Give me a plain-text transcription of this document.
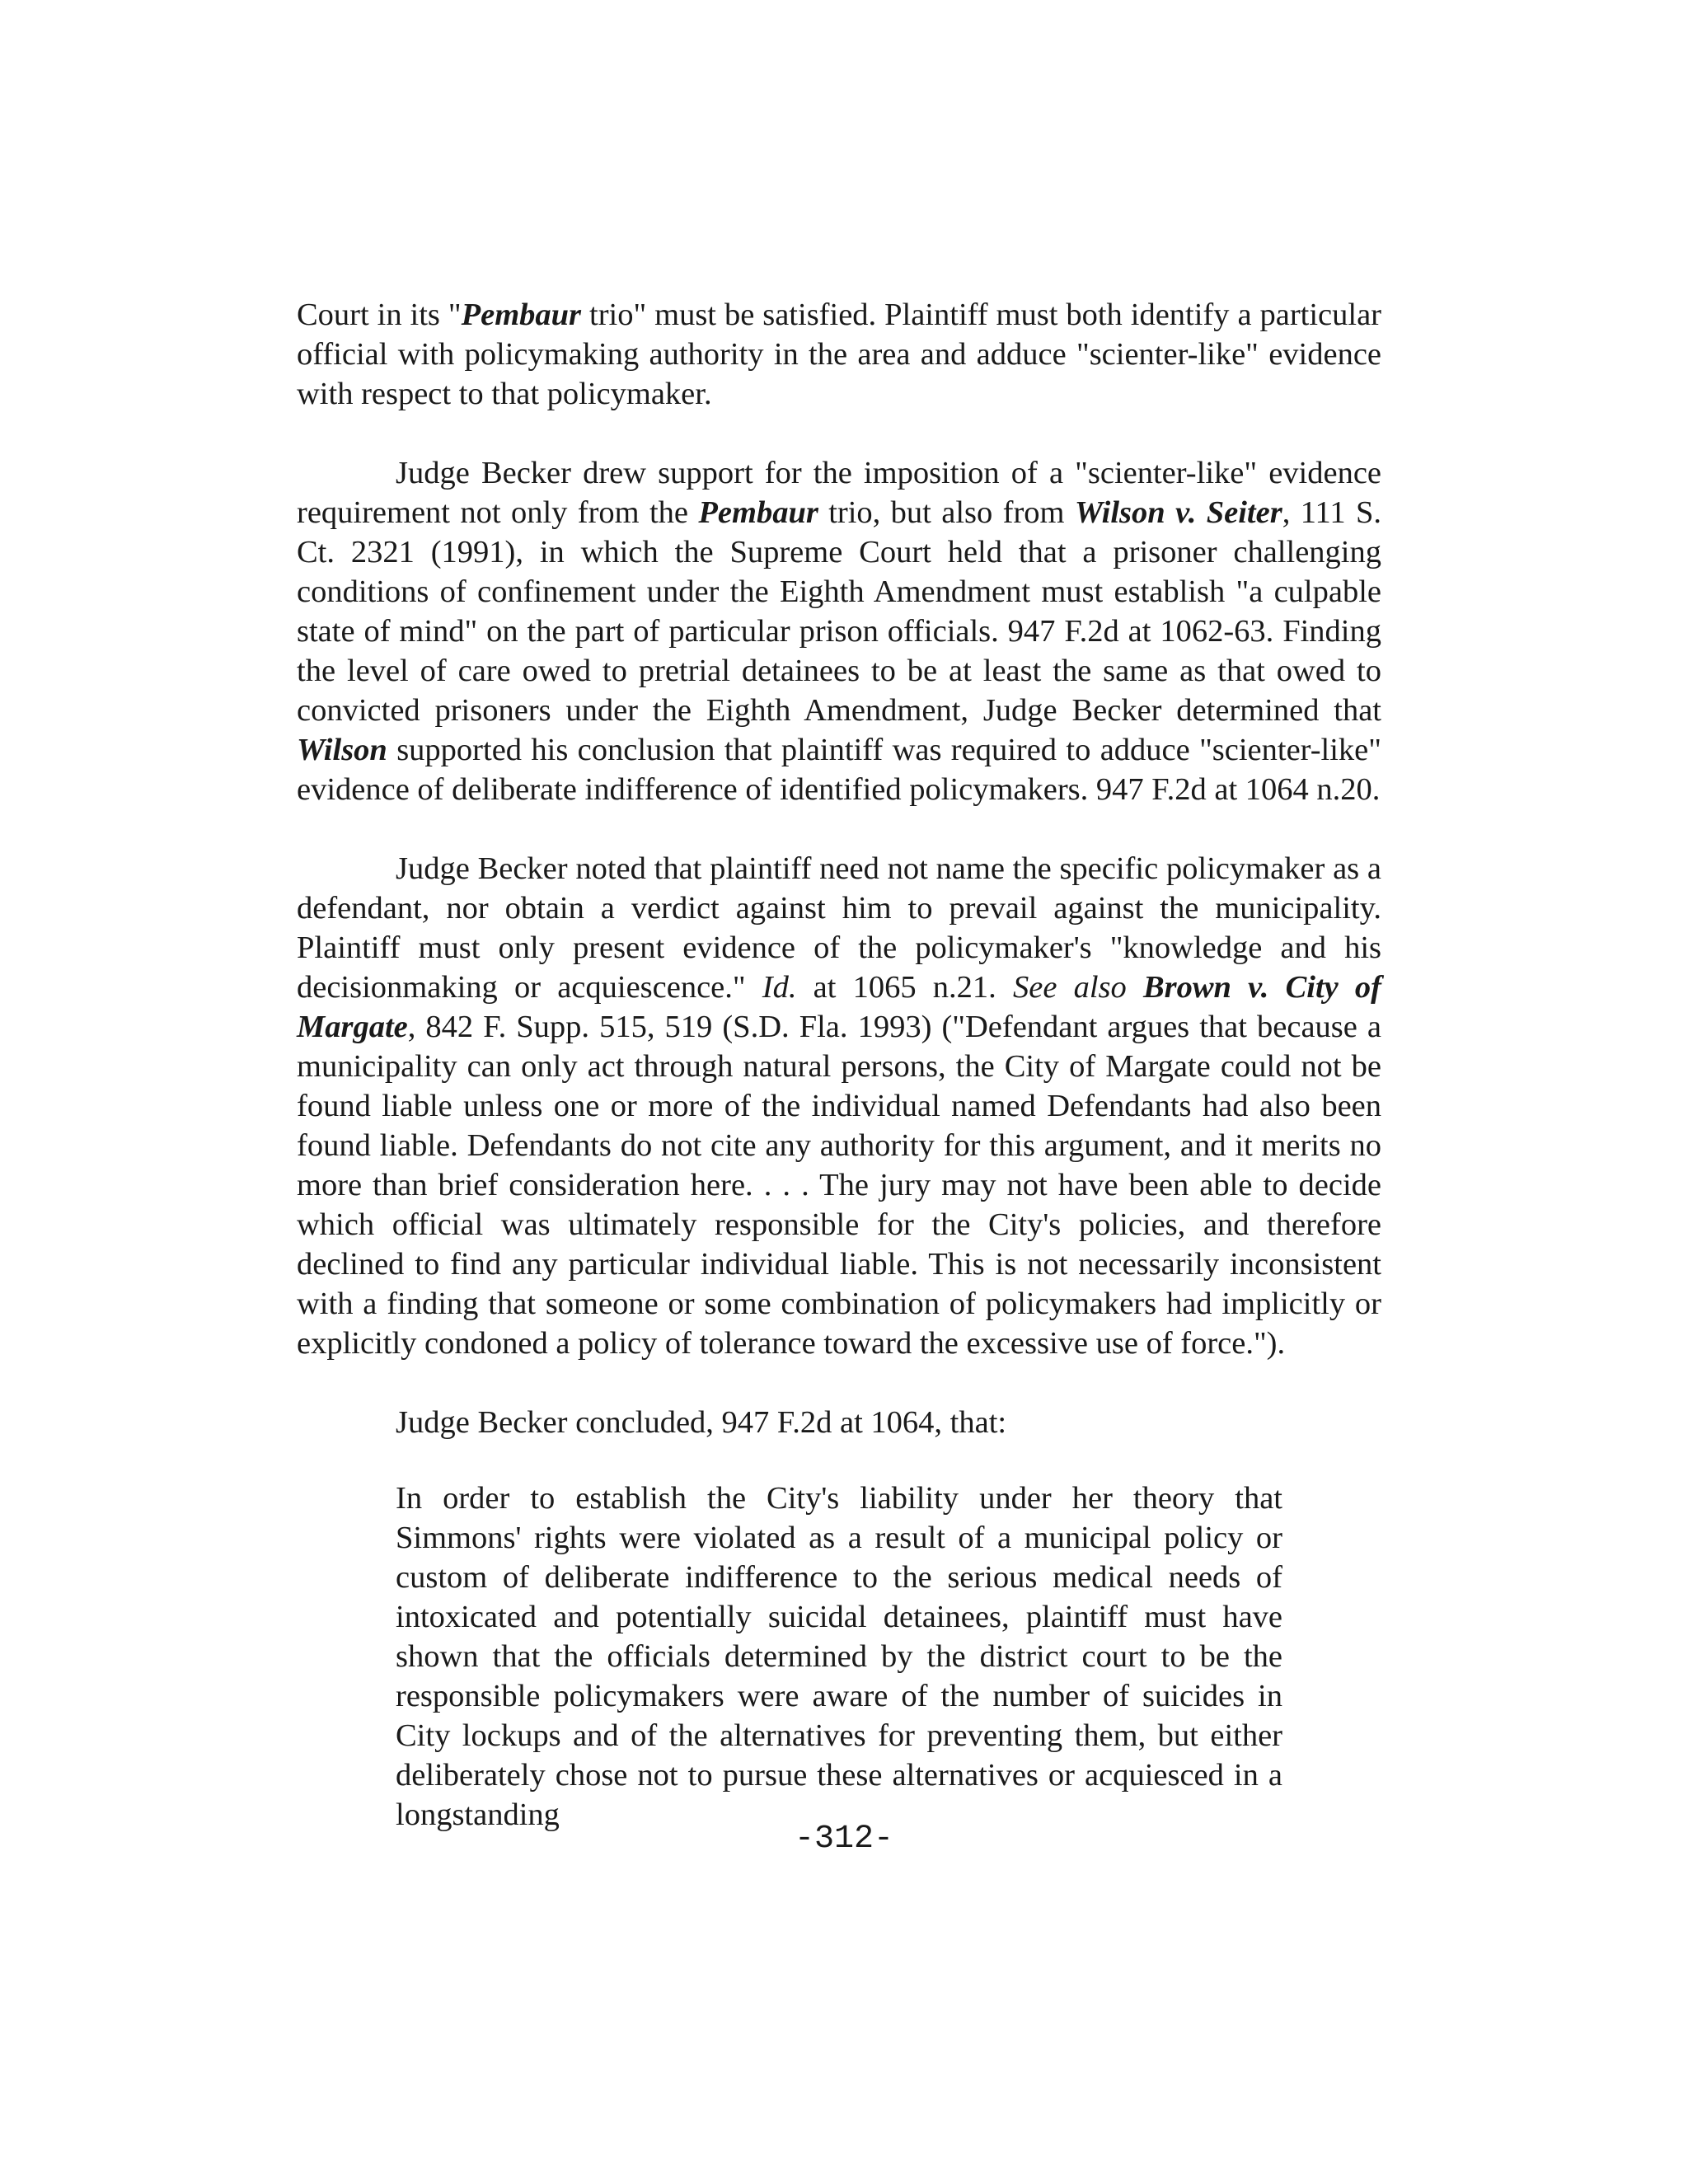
Court in its "Pembaur trio" must be satisfied. Plaintiff must both identify a particular official with policymaking authority in the area and adduce "scienter-like" evidence with respect to that policymaker.

Judge Becker drew support for the imposition of a "scienter-like" evidence requirement not only from the Pembaur trio, but also from Wilson v. Seiter, 111 S. Ct. 2321 (1991), in which the Supreme Court held that a prisoner challenging conditions of confinement under the Eighth Amendment must establish "a culpable state of mind" on the part of particular prison officials. 947 F.2d at 1062-63. Finding the level of care owed to pretrial detainees to be at least the same as that owed to convicted prisoners under the Eighth Amendment, Judge Becker determined that Wilson supported his conclusion that plaintiff was required to adduce "scienter-like" evidence of deliberate indifference of identified policymakers. 947 F.2d at 1064 n.20.

Judge Becker noted that plaintiff need not name the specific policymaker as a defendant, nor obtain a verdict against him to prevail against the municipality. Plaintiff must only present evidence of the policymaker's "knowledge and his decisionmaking or acquiescence." Id. at 1065 n.21. See also Brown v. City of Margate, 842 F. Supp. 515, 519 (S.D. Fla. 1993) ("Defendant argues that because a municipality can only act through natural persons, the City of Margate could not be found liable unless one or more of the individual named Defendants had also been found liable. Defendants do not cite any authority for this argument, and it merits no more than brief consideration here. . . . The jury may not have been able to decide which official was ultimately responsible for the City's policies, and therefore declined to find any particular individual liable. This is not necessarily inconsistent with a finding that someone or some combination of policymakers had implicitly or explicitly condoned a policy of tolerance toward the excessive use of force.").

Judge Becker concluded, 947 F.2d at 1064, that:

In order to establish the City's liability under her theory that Simmons' rights were violated as a result of a municipal policy or custom of deliberate indifference to the serious medical needs of intoxicated and potentially suicidal detainees, plaintiff must have shown that the officials determined by the district court to be the responsible policymakers were aware of the number of suicides in City lockups and of the alternatives for preventing them, but either deliberately chose not to pursue these alternatives or acquiesced in a longstanding

-312-
